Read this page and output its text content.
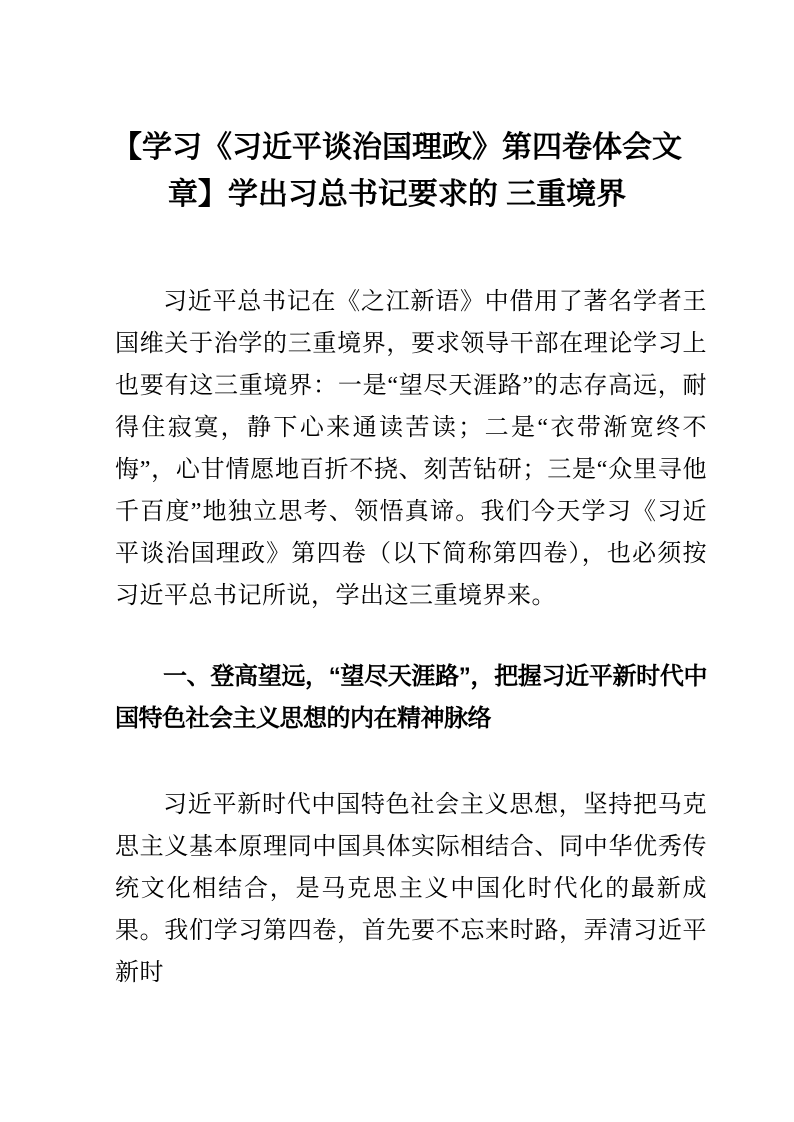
【学习《习近平谈治国理政》第四卷体会文章】学出习总书记要求的 三重境界

习近平总书记在《之江新语》中借用了著名学者王国维关于治学的三重境界，要求领导干部在理论学习上也要有这三重境界：一是“望尽天涯路”的志存高远，耐得住寂寞，静下心来通读苦读；二是“衣带渐宽终不悔”，心甘情愿地百折不挠、刻苦钻研；三是“众里寻他千百度”地独立思考、领悟真谛。我们今天学习《习近平谈治国理政》第四卷（以下简称第四卷），也必须按习近平总书记所说，学出这三重境界来。

一、登高望远，“望尽天涯路”，把握习近平新时代中国特色社会主义思想的内在精神脉络

习近平新时代中国特色社会主义思想，坚持把马克思主义基本原理同中国具体实际相结合、同中华优秀传统文化相结合，是马克思主义中国化时代化的最新成果。我们学习第四卷，首先要不忘来时路，弄清习近平新时
